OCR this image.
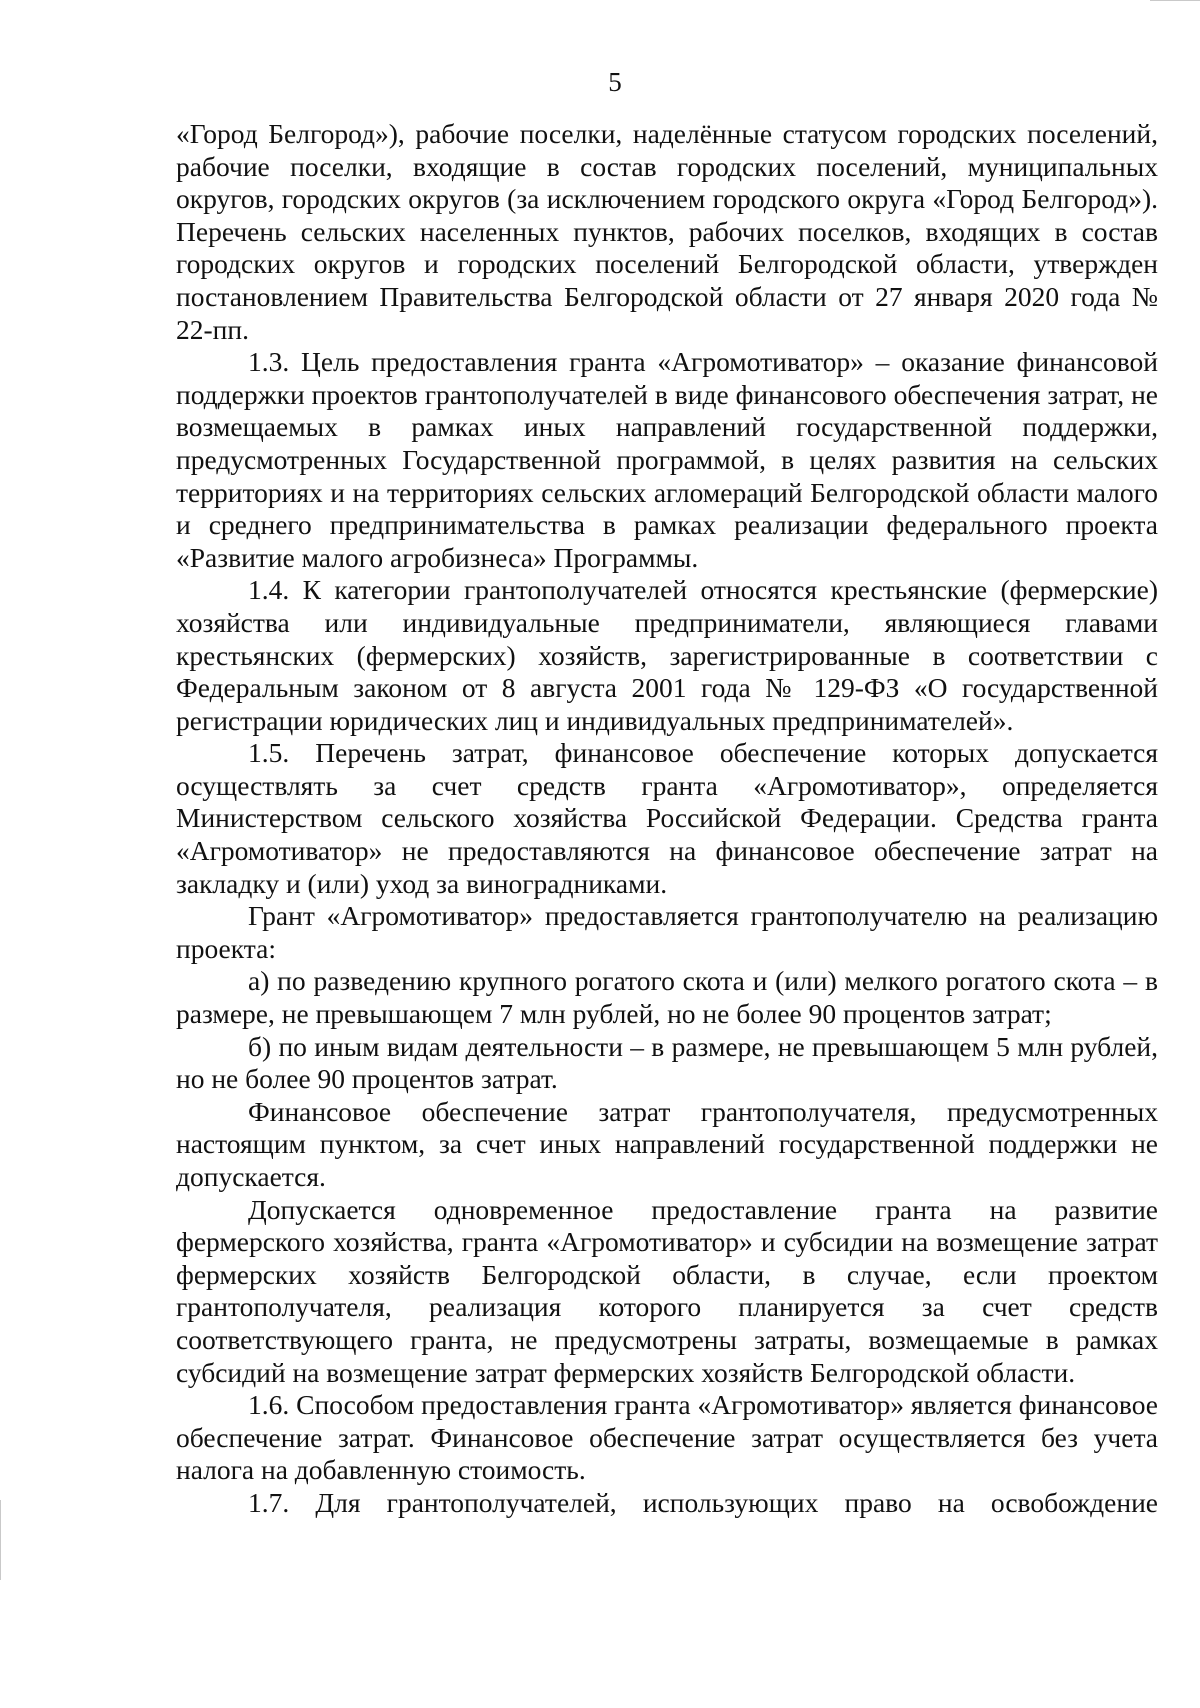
5

«Город Белгород»), рабочие поселки, наделённые статусом городских поселений, рабочие поселки, входящие в состав городских поселений, муниципальных округов, городских округов (за исключением городского округа «Город Белгород»). Перечень сельских населенных пунктов, рабочих поселков, входящих в состав городских округов и городских поселений Белгородской области, утвержден постановлением Правительства Белгородской области от 27 января 2020 года № 22-пп.

1.3. Цель предоставления гранта «Агромотиватор» – оказание финансовой поддержки проектов грантополучателей в виде финансового обеспечения затрат, не возмещаемых в рамках иных направлений государственной поддержки, предусмотренных Государственной программой, в целях развития на сельских территориях и на территориях сельских агломераций Белгородской области малого и среднего предпринимательства в рамках реализации федерального проекта «Развитие малого агробизнеса» Программы.

1.4. К категории грантополучателей относятся крестьянские (фермерские) хозяйства или индивидуальные предприниматели, являющиеся главами крестьянских (фермерских) хозяйств, зарегистрированные в соответствии с Федеральным законом от 8 августа 2001 года № 129-ФЗ «О государственной регистрации юридических лиц и индивидуальных предпринимателей».

1.5. Перечень затрат, финансовое обеспечение которых допускается осуществлять за счет средств гранта «Агромотиватор», определяется Министерством сельского хозяйства Российской Федерации. Средства гранта «Агромотиватор» не предоставляются на финансовое обеспечение затрат на закладку и (или) уход за виноградниками.

Грант «Агромотиватор» предоставляется грантополучателю на реализацию проекта:

а) по разведению крупного рогатого скота и (или) мелкого рогатого скота – в размере, не превышающем 7 млн рублей, но не более 90 процентов затрат;

б) по иным видам деятельности – в размере, не превышающем 5 млн рублей, но не более 90 процентов затрат.

Финансовое обеспечение затрат грантополучателя, предусмотренных настоящим пунктом, за счет иных направлений государственной поддержки не допускается.

Допускается одновременное предоставление гранта на развитие фермерского хозяйства, гранта «Агромотиватор» и субсидии на возмещение затрат фермерских хозяйств Белгородской области, в случае, если проектом грантополучателя, реализация которого планируется за счет средств соответствующего гранта, не предусмотрены затраты, возмещаемые в рамках субсидий на возмещение затрат фермерских хозяйств Белгородской области.

1.6. Способом предоставления гранта «Агромотиватор» является финансовое обеспечение затрат. Финансовое обеспечение затрат осуществляется без учета налога на добавленную стоимость.

1.7. Для грантополучателей, использующих право на освобождение
